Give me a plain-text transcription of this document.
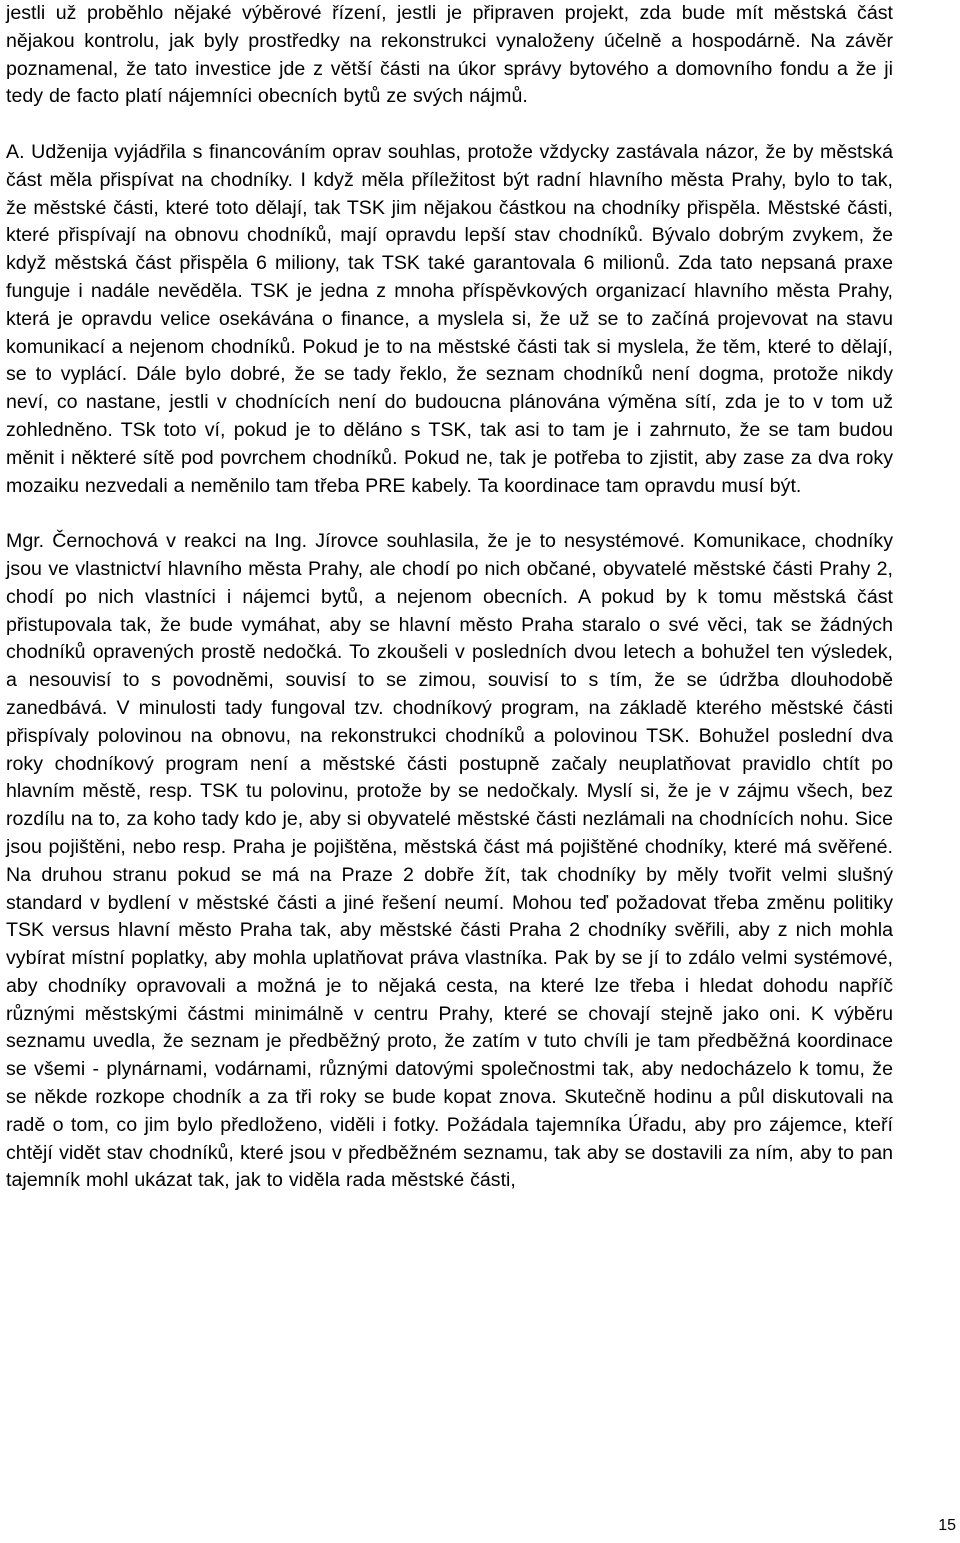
jestli už proběhlo nějaké výběrové řízení, jestli je připraven projekt, zda bude mít městská část nějakou kontrolu, jak byly prostředky na rekonstrukci vynaloženy účelně a hospodárně. Na závěr poznamenal, že tato investice jde z větší části na úkor správy bytového a domovního fondu a že ji tedy de facto platí nájemníci obecních bytů ze svých nájmů.

A. Udženija vyjádřila s financováním oprav souhlas, protože vždycky zastávala názor, že by městská část měla přispívat na chodníky. I když měla příležitost být radní hlavního města Prahy, bylo to tak, že městské části, které toto dělají, tak TSK jim nějakou částkou na chodníky přispěla. Městské části, které přispívají na obnovu chodníků, mají opravdu lepší stav chodníků. Bývalo dobrým zvykem, že když městská část přispěla 6 miliony, tak TSK také garantovala 6 milionů. Zda tato nepsaná praxe funguje i nadále nevěděla. TSK je jedna z mnoha příspěvkových organizací hlavního města Prahy, která je opravdu velice osekávána o finance, a myslela si, že už se to začíná projevovat na stavu komunikací a nejenom chodníků. Pokud je to na městské části tak si myslela, že těm, které to dělají, se to vyplácí. Dále bylo dobré, že se tady řeklo, že seznam chodníků není dogma, protože nikdy neví, co nastane, jestli v chodnících není do budoucna plánována výměna sítí, zda je to v tom už zohledněno. TSk toto ví, pokud je to děláno s TSK, tak asi to tam je i zahrnuto, že se tam budou měnit i některé sítě pod povrchem chodníků. Pokud ne, tak je potřeba to zjistit, aby zase za dva roky mozaiku nezvedali a neměnilo tam třeba PRE kabely. Ta koordinace tam opravdu musí být.

Mgr. Černochová v reakci na Ing. Jírovce souhlasila, že je to nesystémové. Komunikace, chodníky jsou ve vlastnictví hlavního města Prahy, ale chodí po nich občané, obyvatelé městské části Prahy 2, chodí po nich vlastníci i nájemci bytů, a nejenom obecních. A pokud by k tomu městská část přistupovala tak, že bude vymáhat, aby se hlavní město Praha staralo o své věci, tak se žádných chodníků opravených prostě nedočká. To zkoušeli v posledních dvou letech a bohužel ten výsledek, a nesouvisí to s povodněmi, souvisí to se zimou, souvisí to s tím, že se údržba dlouhodobě zanedbává. V minulosti tady fungoval tzv. chodníkový program, na základě kterého městské části přispívaly polovinou na obnovu, na rekonstrukci chodníků a polovinou TSK. Bohužel poslední dva roky chodníkový program není a městské části postupně začaly neuplatňovat pravidlo chtít po hlavním městě, resp. TSK tu polovinu, protože by se nedočkaly. Myslí si, že je v zájmu všech, bez rozdílu na to, za koho tady kdo je, aby si obyvatelé městské části nezlámali na chodnících nohu. Sice jsou pojištěni, nebo resp. Praha je pojištěna, městská část má pojištěné chodníky, které má svěřené. Na druhou stranu pokud se má na Praze 2 dobře žít, tak chodníky by měly tvořit velmi slušný standard v bydlení v městské části a jiné řešení neumí. Mohou teď požadovat třeba změnu politiky TSK versus hlavní město Praha tak, aby městské části Praha 2 chodníky svěřili, aby z nich mohla vybírat místní poplatky, aby mohla uplatňovat práva vlastníka. Pak by se jí to zdálo velmi systémové, aby chodníky opravovali a možná je to nějaká cesta, na které lze třeba i hledat dohodu napříč různými městskými částmi minimálně v centru Prahy, které se chovají stejně jako oni. K výběru seznamu uvedla, že seznam je předběžný proto, že zatím v tuto chvíli je tam předběžná koordinace se všemi - plynárnami, vodárnami, různými datovými společnostmi tak, aby nedocházelo k tomu, že se někde rozkope chodník a za tři roky se bude kopat znova. Skutečně hodinu a půl diskutovali na radě o tom, co jim bylo předloženo, viděli i fotky. Požádala tajemníka Úřadu, aby pro zájemce, kteří chtějí vidět stav chodníků, které jsou v předběžném seznamu, tak aby se dostavili za ním, aby to pan tajemník mohl ukázat tak, jak to viděla rada městské části,

15
